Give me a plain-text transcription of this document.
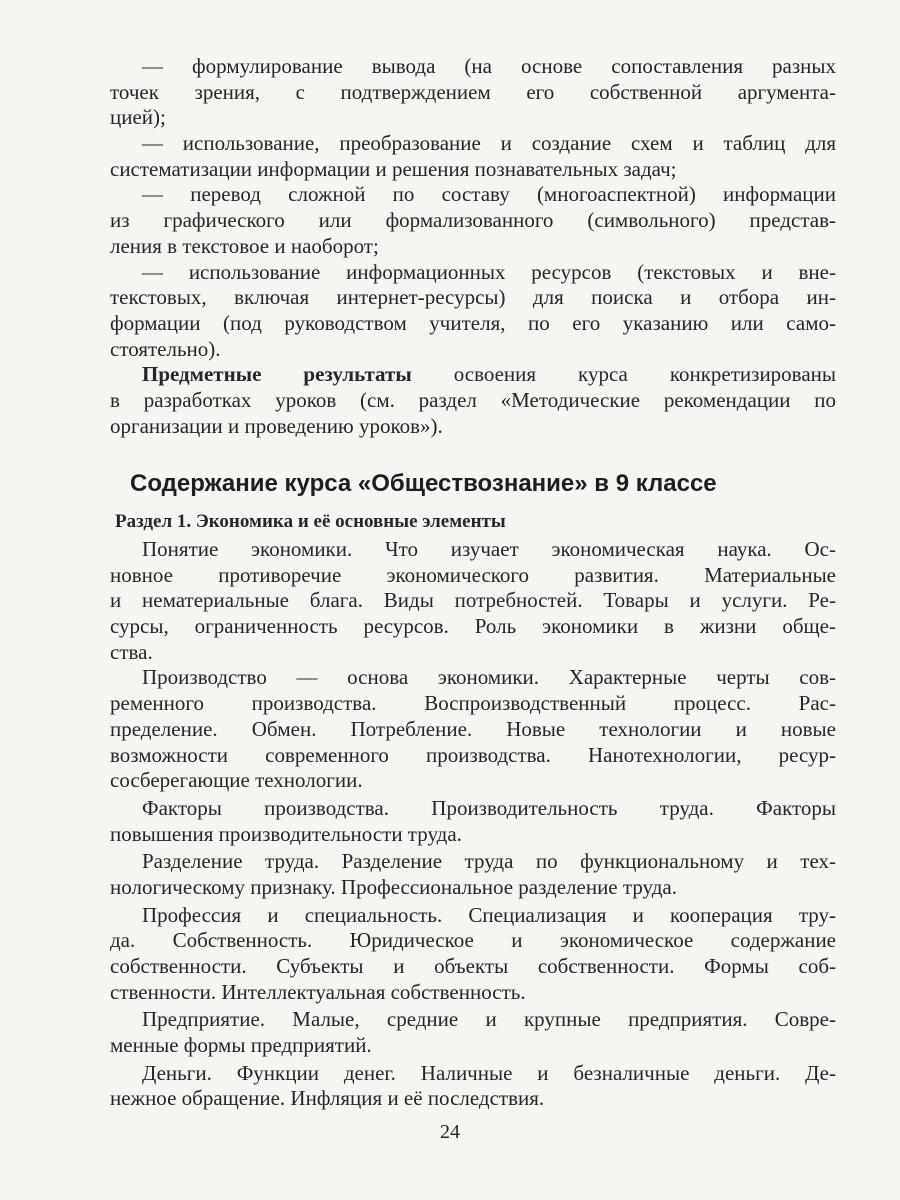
— формулирование вывода (на основе сопоставления разных
точек зрения, с подтверждением его собственной аргумента-
цией);
— использование, преобразование и создание схем и таблиц для
систематизации информации и решения познавательных задач;
— перевод сложной по составу (многоаспектной) информации
из графического или формализованного (символьного) представ-
ления в текстовое и наоборот;
— использование информационных ресурсов (текстовых и вне-
текстовых, включая интернет-ресурсы) для поиска и отбора ин-
формации (под руководством учителя, по его указанию или само-
стоятельно).
Предметные результаты освоения курса конкретизированы
в разработках уроков (см. раздел «Методические рекомендации по
организации и проведению уроков»).
Содержание курса «Обществознание» в 9 классе
Раздел 1. Экономика и её основные элементы
Понятие экономики. Что изучает экономическая наука. Ос-
новное противоречие экономического развития. Материальные
и нематериальные блага. Виды потребностей. Товары и услуги. Ре-
сурсы, ограниченность ресурсов. Роль экономики в жизни обще-
ства.
Производство — основа экономики. Характерные черты сов-
ременного производства. Воспроизводственный процесс. Рас-
пределение. Обмен. Потребление. Новые технологии и новые
возможности современного производства. Нанотехнологии, ресур-
сосберегающие технологии.
Факторы производства. Производительность труда. Факторы
повышения производительности труда.
Разделение труда. Разделение труда по функциональному и тех-
нологическому признаку. Профессиональное разделение труда.
Профессия и специальность. Специализация и кооперация тру-
да. Собственность. Юридическое и экономическое содержание
собственности. Субъекты и объекты собственности. Формы соб-
ственности. Интеллектуальная собственность.
Предприятие. Малые, средние и крупные предприятия. Совре-
менные формы предприятий.
Деньги. Функции денег. Наличные и безналичные деньги. Де-
нежное обращение. Инфляция и её последствия.
24
